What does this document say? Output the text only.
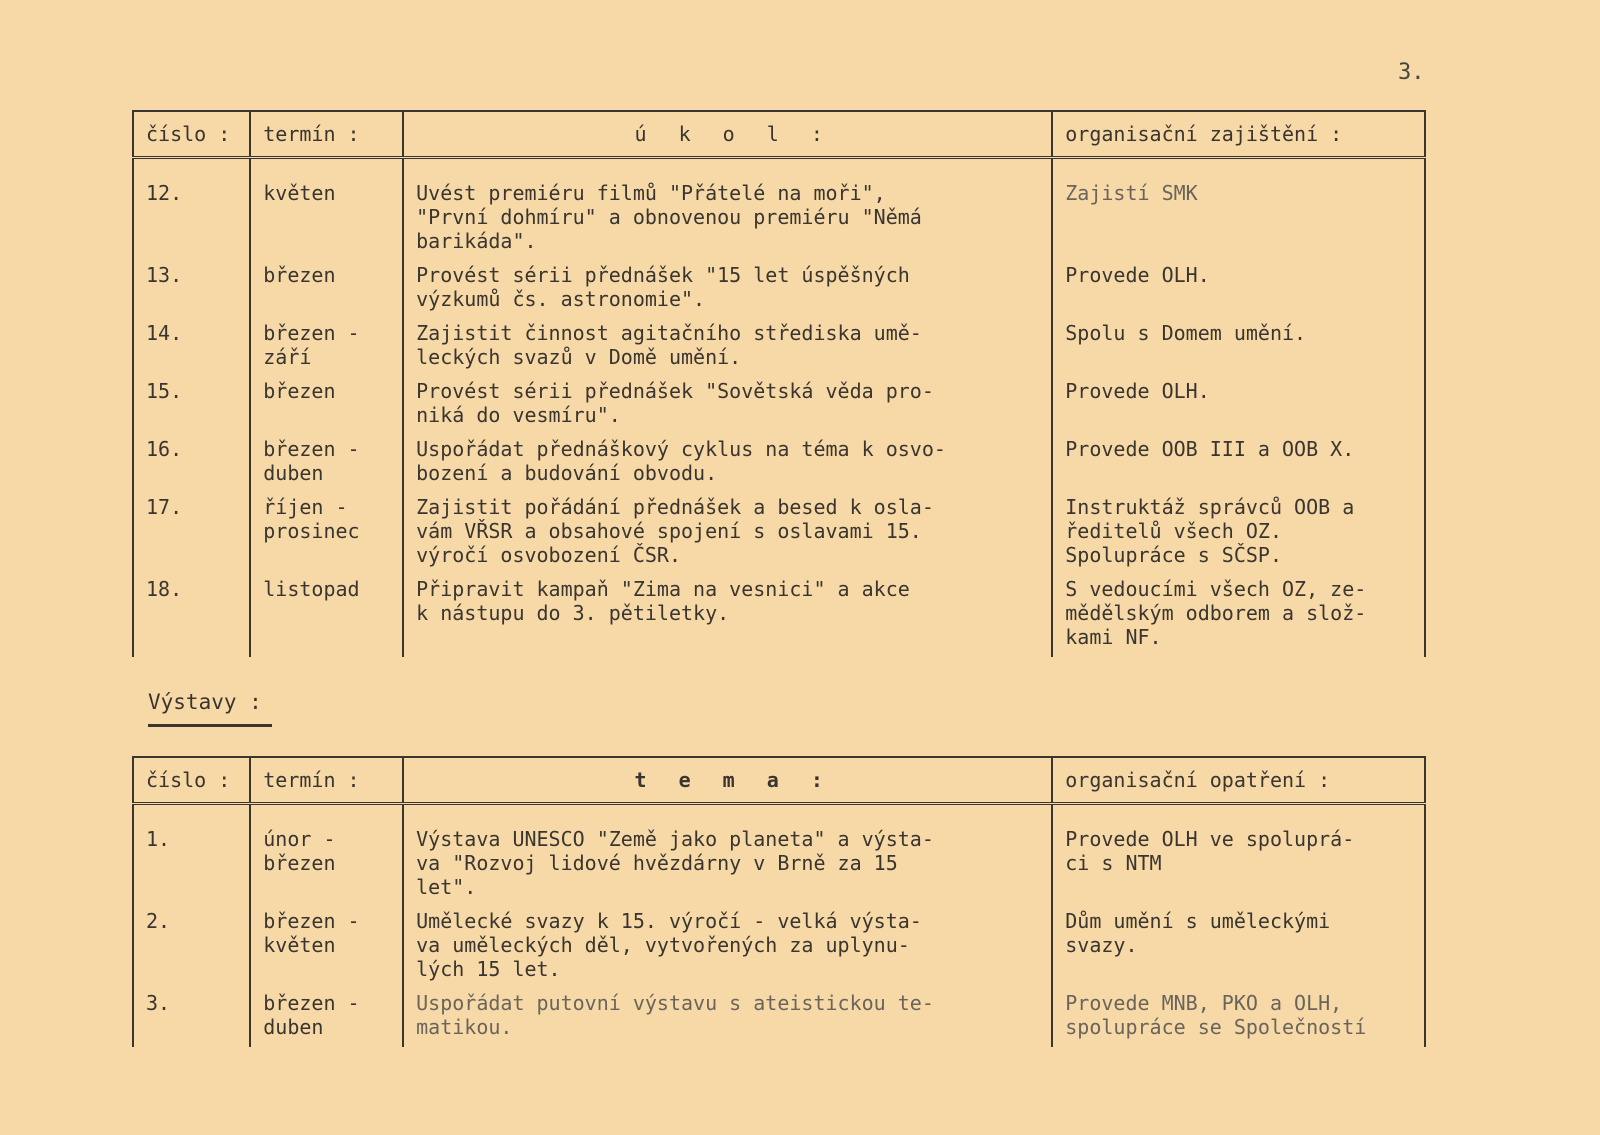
3.
číslo :	termín :	ú k o l :	organisační zajištění :
12.	květen	Uvést premiéru filmů "Přátelé na moři",
"První dohmíru" a obnovenou premiéru "Němá
barikáda".	Zajistí SMK
13.	březen	Provést sérii přednášek "15 let úspěšných
výzkumů čs. astronomie".	Provede OLH.
14.	březen -
září	Zajistit činnost agitačního střediska umě-
leckých svazů v Domě umění.	Spolu s Domem umění.
15.	březen	Provést sérii přednášek "Sovětská věda pro-
niká do vesmíru".	Provede OLH.
16.	březen -
duben	Uspořádat přednáškový cyklus na téma k osvo-
bození a budování obvodu.	Provede OOB III a OOB X.
17.	říjen -
prosinec	Zajistit pořádání přednášek a besed k osla-
vám VŘSR a obsahové spojení s oslavami 15.
výročí osvobození ČSR.	Instruktáž správců OOB a
ředitelů všech OZ.
Spolupráce s SČSP.
18.	listopad	Připravit kampaň "Zima na vesnici" a akce
k nástupu do 3. pětiletky.	S vedoucími všech OZ, ze-
mědělským odborem a slož-
kami NF.
Výstavy :
číslo :	termín :	t e m a :	organisační opatření :
1.	únor -
březen	Výstava UNESCO "Země jako planeta" a výsta-
va "Rozvoj lidové hvězdárny v Brně za 15
let".	Provede OLH ve spoluprá-
ci s NTM
2.	březen -
květen	Umělecké svazy k 15. výročí - velká výsta-
va uměleckých děl, vytvořených za uplynu-
lých 15 let.	Dům umění s uměleckými
svazy.
3.	březen -
duben	Uspořádat putovní výstavu s ateistickou te-
matikou.	Provede MNB, PKO a OLH,
spolupráce se Společností
